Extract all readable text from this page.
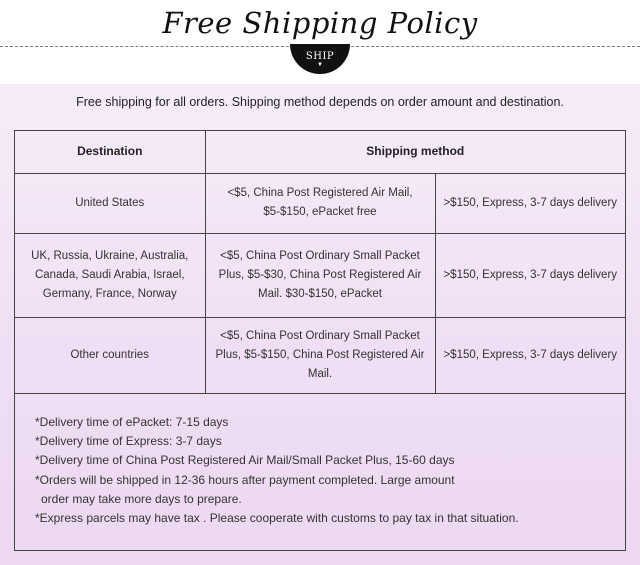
Free Shipping Policy
SHIP
▼
Free shipping for all orders. Shipping method depends on order amount and destination.
Destination	Shipping method	
United States	<$5, China Post Registered Air Mail, $5-$150, ePacket free	>$150, Express, 3-7 days delivery
UK, Russia, Ukraine, Australia, Canada, Saudi Arabia, Israel, Germany, France, Norway	<$5, China Post Ordinary Small Packet Plus, $5-$30, China Post Registered Air Mail. $30-$150, ePacket	>$150, Express, 3-7 days delivery
Other countries	<$5, China Post Ordinary Small Packet Plus, $5-$150, China Post Registered Air Mail.	>$150, Express, 3-7 days delivery
*Delivery time of ePacket: 7-15 days
*Delivery time of Express: 3-7 days
*Delivery time of China Post Registered Air Mail/Small Packet Plus, 15-60 days
*Orders will be shipped in 12-36 hours after payment completed. Large amount
order may take more days to prepare.
*Express parcels may have tax . Please cooperate with customs to pay tax in that situation.
